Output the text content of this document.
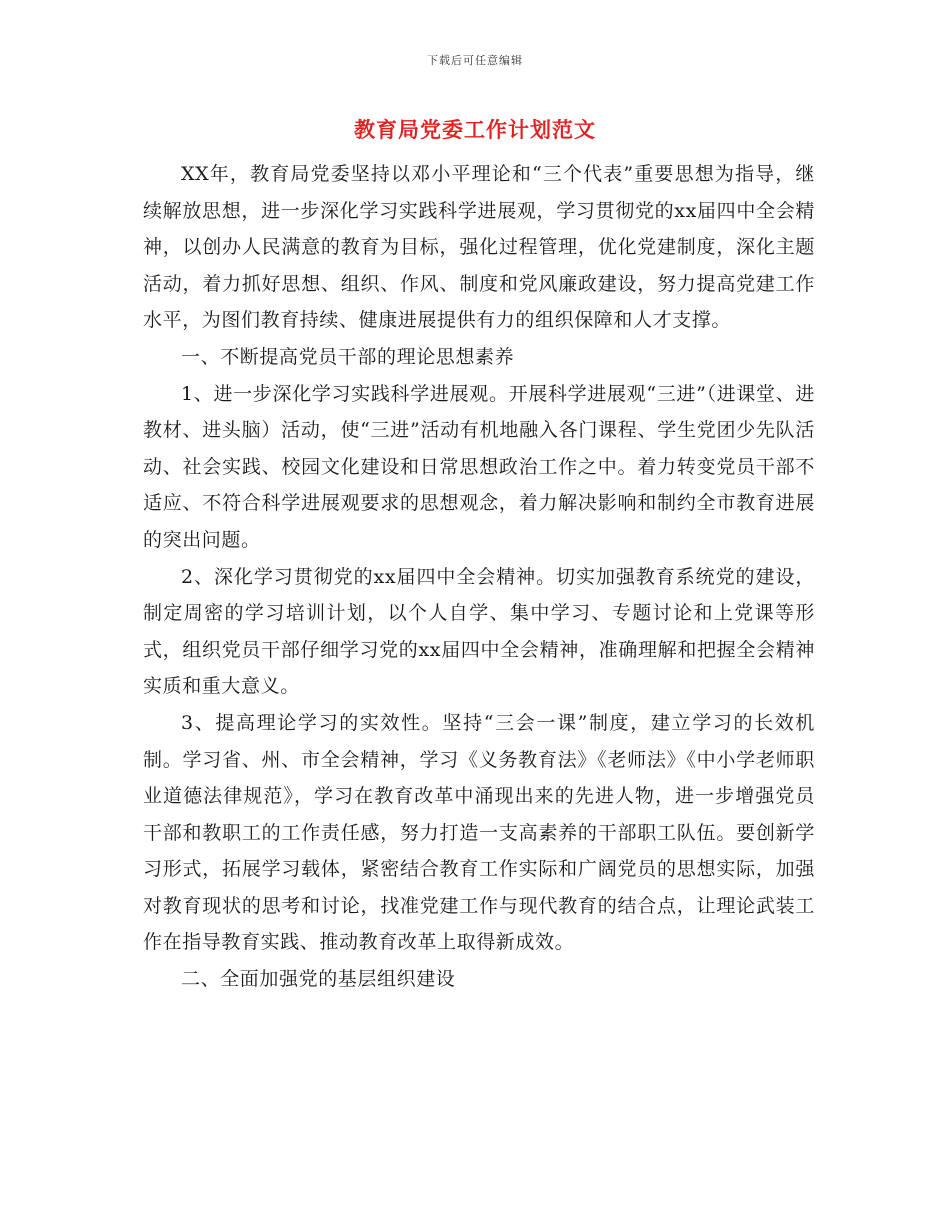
下载后可任意编辑
教育局党委工作计划范文

XX年，教育局党委坚持以邓小平理论和“三个代表”重要思想为指导，继续解放思想，进一步深化学习实践科学进展观，学习贯彻党的xx届四中全会精神，以创办人民满意的教育为目标，强化过程管理，优化党建制度，深化主题活动，着力抓好思想、组织、作风、制度和党风廉政建设，努力提高党建工作水平，为图们教育持续、健康进展提供有力的组织保障和人才支撑。

一、不断提高党员干部的理论思想素养

1、进一步深化学习实践科学进展观。开展科学进展观“三进”（进课堂、进教材、进头脑）活动，使“三进”活动有机地融入各门课程、学生党团少先队活动、社会实践、校园文化建设和日常思想政治工作之中。着力转变党员干部不适应、不符合科学进展观要求的思想观念，着力解决影响和制约全市教育进展的突出问题。

2、深化学习贯彻党的xx届四中全会精神。切实加强教育系统党的建设，制定周密的学习培训计划，以个人自学、集中学习、专题讨论和上党课等形式，组织党员干部仔细学习党的xx届四中全会精神，准确理解和把握全会精神实质和重大意义。

3、提高理论学习的实效性。坚持“三会一课”制度，建立学习的长效机制。学习省、州、市全会精神，学习《义务教育法》《老师法》《中小学老师职业道德法律规范》，学习在教育改革中涌现出来的先进人物，进一步增强党员干部和教职工的工作责任感，努力打造一支高素养的干部职工队伍。要创新学习形式，拓展学习载体，紧密结合教育工作实际和广阔党员的思想实际，加强对教育现状的思考和讨论，找准党建工作与现代教育的结合点，让理论武装工作在指导教育实践、推动教育改革上取得新成效。

二、全面加强党的基层组织建设
